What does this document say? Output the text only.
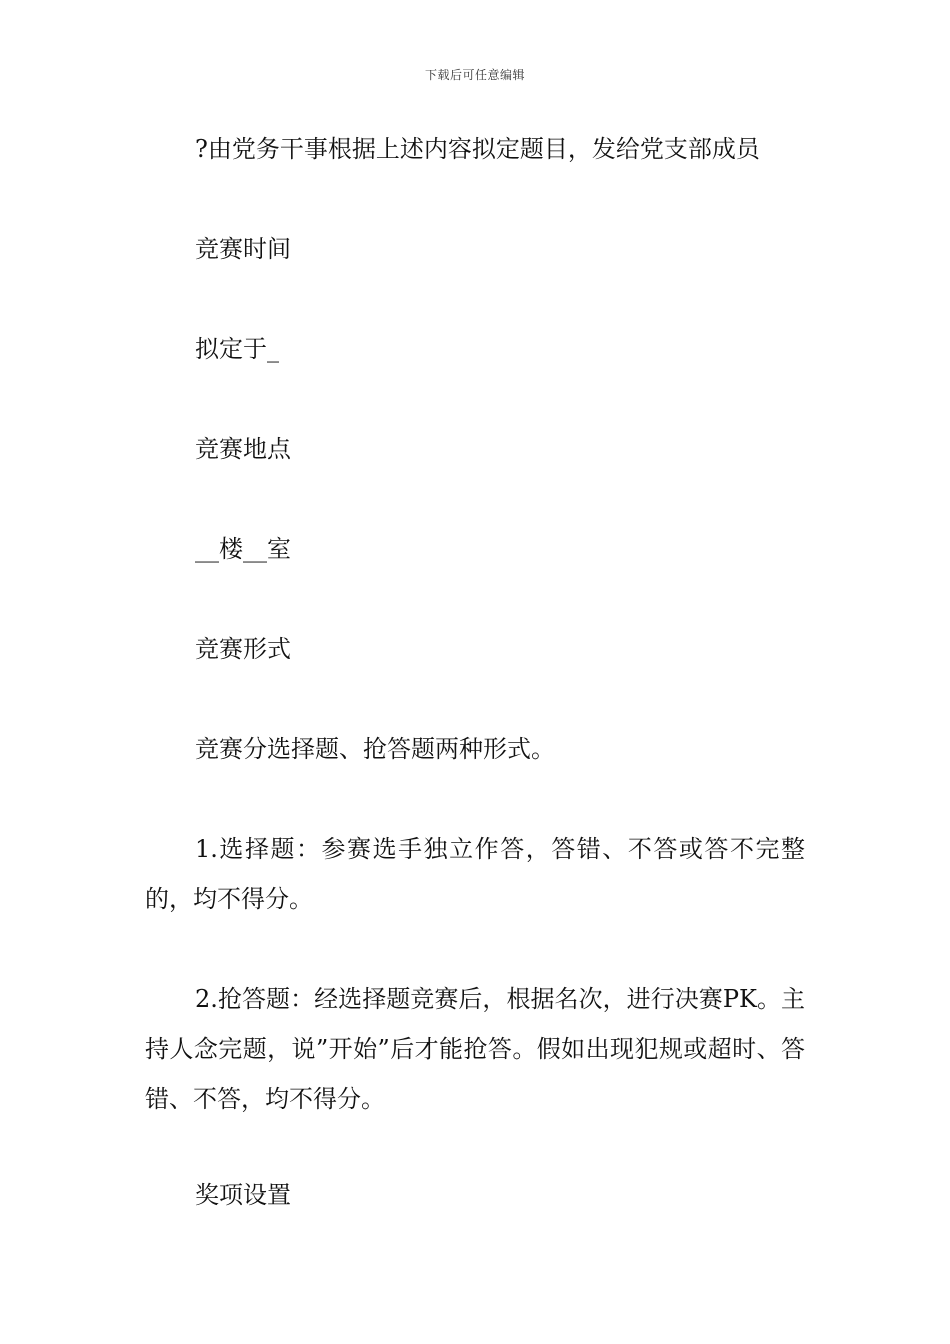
下载后可任意编辑
?由党务干事根据上述内容拟定题目，发给党支部成员
竞赛时间
拟定于_
竞赛地点
__楼__室
竞赛形式
竞赛分选择题、抢答题两种形式。
1.选择题：参赛选手独立作答，答错、不答或答不完整的，均不得分。
2.抢答题：经选择题竞赛后，根据名次，进行决赛PK。主持人念完题，说”开始”后才能抢答。假如出现犯规或超时、答错、不答，均不得分。
奖项设置
